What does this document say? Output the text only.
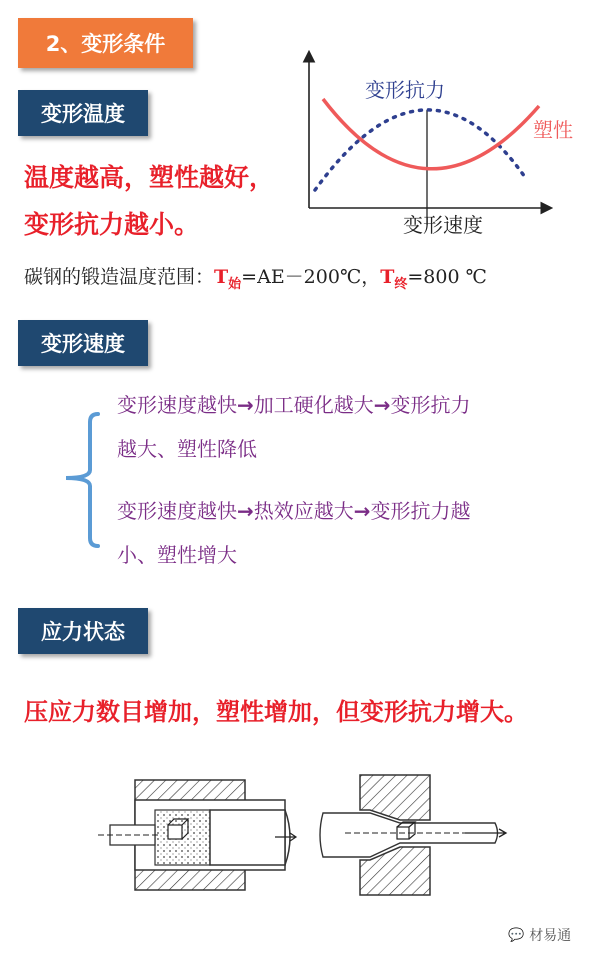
2、变形条件
变形温度
温度越高，塑性越好，
变形抗力越小。
碳钢的锻造温度范围：$T_始=AE-200℃$，$T_终=800$ ℃
变形抗力
塑性
变形速度
变形速度
变形速度越快→加工硬化越大→变形抗力
越大、塑性降低
变形速度越快→热效应越大→变形抗力越
小、塑性增大
应力状态
压应力数目增加，塑性增加，但变形抗力增大。
💬 材易通
